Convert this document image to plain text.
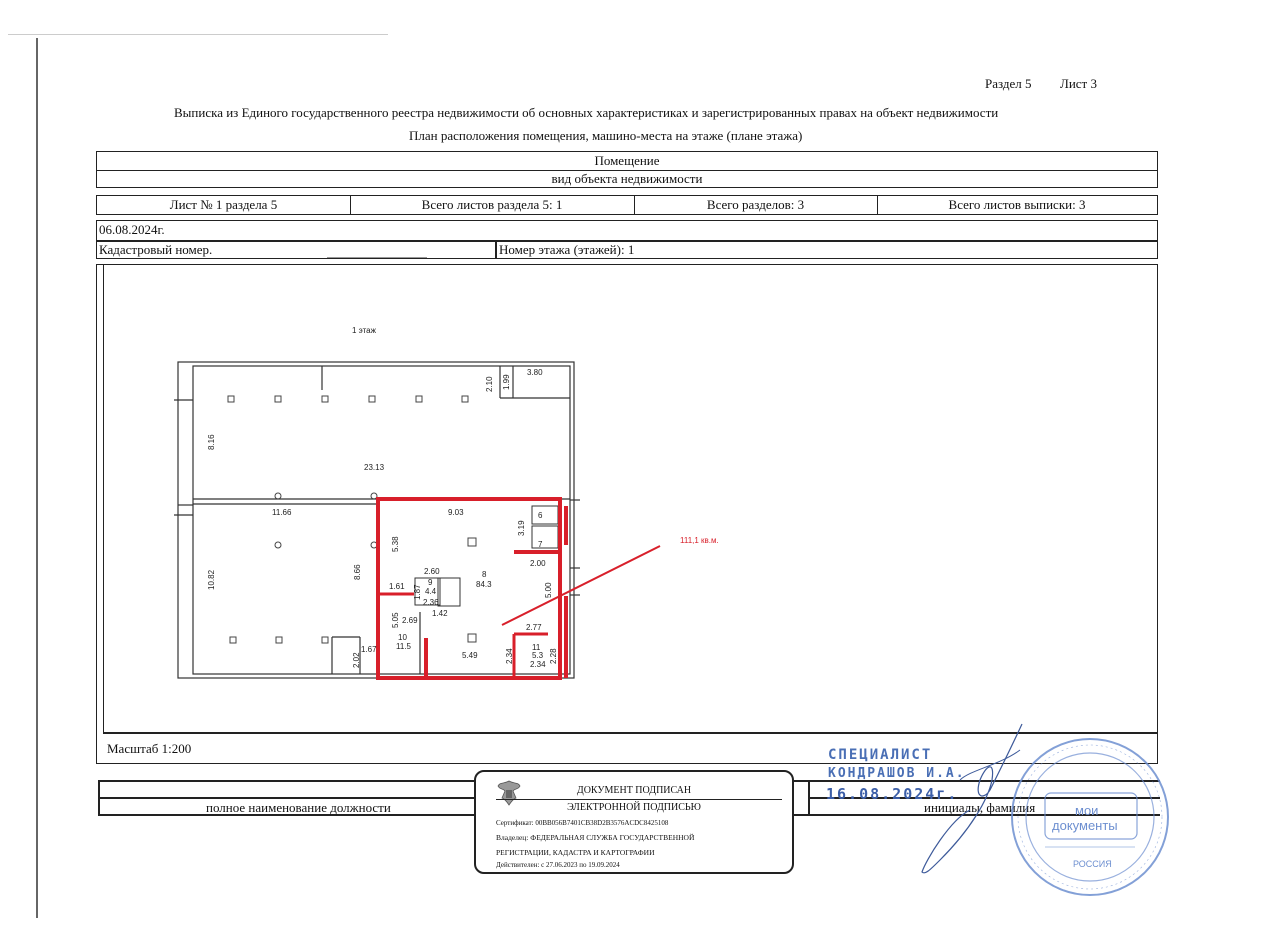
Раздел 5 Лист 3
Выписка из Единого государственного реестра недвижимости об основных характеристиках и зарегистрированных правах на объект недвижимости
План расположения помещения, машино-места на этаже (плане этажа)
Помещение
вид объекта недвижимости
Лист № 1 раздела 5	Всего листов раздела 5: 1	Всего разделов: 3	Всего листов выписки: 3
06.08.2024г.
Кадастровый номер.	Номер этажа (этажей): 1
Масштаб 1:200
1 этаж
2.10 1.99
3.80
8.16
23.13
11.66
10.82	8.66
9.03
5.38
3.19
6
7
2.00
2.60
9
4.4
1.87
1.61
2.36
8
84.3	5.00
5.05 2.69
1.42
2.77
10
11.5
5.49	2.34
11
5.3
2.34
2.28
1.67
2.02
111,1 кв.м.
полное наименование должности	инициалы, фамилия
ДОКУМЕНТ ПОДПИСАН
ЭЛЕКТРОННОЙ ПОДПИСЬЮ
Сертификат: 00BB056B7401CB38D2B3576ACDC8425108
Владелец: ФЕДЕРАЛЬНАЯ СЛУЖБА ГОСУДАРСТВЕННОЙ
РЕГИСТРАЦИИ, КАДАСТРА И КАРТОГРАФИИ
Действителен: с 27.06.2023 по 19.09.2024
СПЕЦИАЛИСТ
КОНДРАШОВ И.А.
16.08.2024г.
мои
документы
РОССИЯ
